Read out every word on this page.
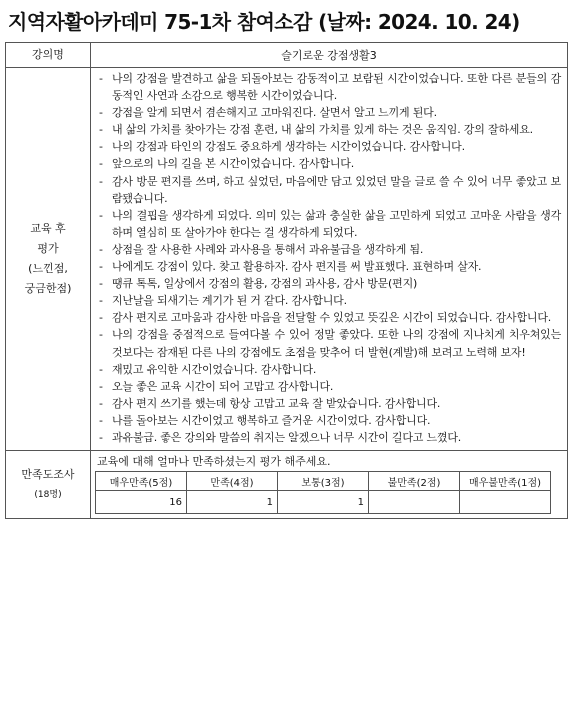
지역자활아카데미 75-1차 참여소감 (날짜: 2024. 10. 24)
강의명	슬기로운 강점생활3

교육 후
평가
(느낀점,
궁금한점)

- 나의 강점을 발견하고 삶을 되돌아보는 감동적이고 보람된 시간이었습니다. 또한 다른 분들의 감동적인 사연과 소감으로 행복한 시간이었습니다.
- 강점을 알게 되면서 겸손해지고 고마워진다. 살면서 알고 느끼게 된다.
- 내 삶의 가치를 찾아가는 강점 훈련, 내 삶의 가치를 있게 하는 것은 움직임. 강의 잘하세요.
- 나의 강점과 타인의 강점도 중요하게 생각하는 시간이었습니다. 감사합니다.
- 앞으로의 나의 길을 본 시간이었습니다. 감사합니다.
- 감사 방문 편지를 쓰며, 하고 싶었던, 마음에만 담고 있었던 말을 글로 쓸 수 있어 너무 좋았고 보람됐습니다.
- 나의 결핍을 생각하게 되었다. 의미 있는 삶과 충실한 삶을 고민하게 되었고 고마운 사람을 생각하며 열심히 또 살아가야 한다는 걸 생각하게 되었다.
- 상점을 잘 사용한 사례와 과사용을 통해서 과유불급을 생각하게 됨.
- 나에게도 강점이 있다. 찾고 활용하자. 감사 편지를 써 발표했다. 표현하며 살자.
- 땡큐 톡톡, 일상에서 강점의 활용, 강점의 과사용, 감사 방문(편지)
- 지난날을 되새기는 계기가 된 거 같다. 감사합니다.
- 감사 편지로 고마움과 감사한 마음을 전달할 수 있었고 뜻깊은 시간이 되었습니다. 감사합니다.
- 나의 강점을 중점적으로 들여다볼 수 있어 정말 좋았다. 또한 나의 강점에 지나치게 치우쳐있는 것보다는 잠재된 다른 나의 강점에도 초점을 맞추어 더 발현(계발)해 보려고 노력해 보자!
- 재밌고 유익한 시간이었습니다. 감사합니다.
- 오늘 좋은 교육 시간이 되어 고맙고 감사합니다.
- 감사 편지 쓰기를 했는데 항상 고맙고 교육 잘 받았습니다. 감사합니다.
- 나를 돌아보는 시간이었고 행복하고 즐거운 시간이었다. 감사합니다.
- 과유불급. 좋은 강의와 말씀의 취지는 알겠으나 너무 시간이 길다고 느꼈다.

만족도조사
(18명)

교육에 대해 얼마나 만족하셨는지 평가 해주세요.
매우만족(5점)	만족(4점)	보통(3점)	불만족(2점)	매우불만족(1점)
16	1	1		
